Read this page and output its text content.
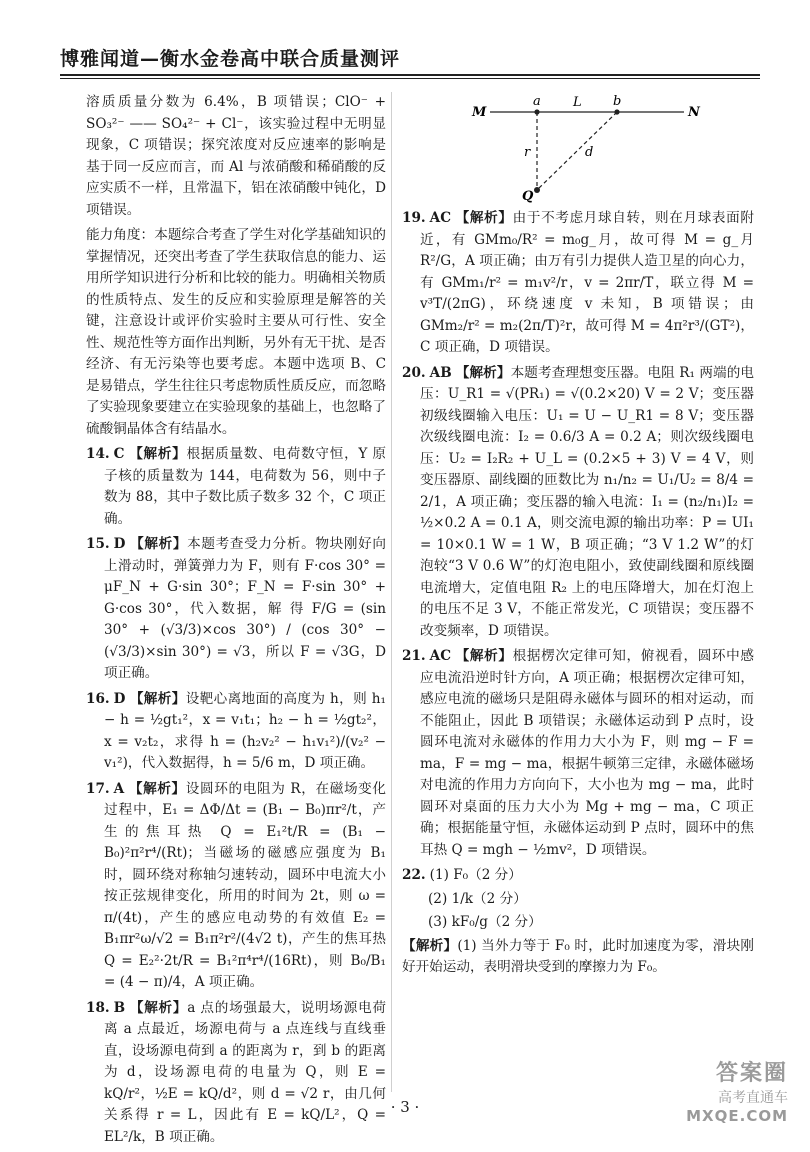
博雅闻道—衡水金卷高中联合质量测评

溶质质量分数为 6.4%，B 项错误；ClO⁻ + SO₃²⁻ —— SO₄²⁻ + Cl⁻，该实验过程中无明显现象，C 项错误；探究浓度对反应速率的影响是基于同一反应而言，而 Al 与浓硝酸和稀硝酸的反应实质不一样，且常温下，铝在浓硝酸中钝化，D 项错误。

能力角度：本题综合考查了学生对化学基础知识的掌握情况，还突出考查了学生获取信息的能力、运用所学知识进行分析和比较的能力。明确相关物质的性质特点、发生的反应和实验原理是解答的关键，注意设计或评价实验时主要从可行性、安全性、规范性等方面作出判断，另外有无干扰、是否经济、有无污染等也要考虑。本题中选项 B、C 是易错点，学生往往只考虑物质性质反应，而忽略了实验现象要建立在实验现象的基础上，也忽略了硫酸铜晶体含有结晶水。

14. C 【解析】根据质量数、电荷数守恒，Y 原子核的质量数为 144，电荷数为 56，则中子数为 88，其中子数比质子数多 32 个，C 项正确。

15. D 【解析】本题考查受力分析。物块刚好向上滑动时，弹簧弹力为 F，则有 F·cos 30° = μF_N + G·sin 30°；F_N = F·sin 30° + G·cos 30°，代入数据，解 得 F/G = (sin 30° + (√3/3)×cos 30°) / (cos 30° − (√3/3)×sin 30°) = √3，所以 F = √3G，D 项正确。

16. D 【解析】设靶心离地面的高度为 h，则 h₁ − h = ½gt₁²，x = v₁t₁；h₂ − h = ½gt₂²，x = v₂t₂，求得 h = (h₂v₂² − h₁v₁²)/(v₂² − v₁²)，代入数据得，h = 5/6 m，D 项正确。

17. A 【解析】设圆环的电阻为 R，在磁场变化过程中，E₁ = ΔΦ/Δt = (B₁ − B₀)πr²/t，产生的焦耳热 Q = E₁²t/R = (B₁ − B₀)²π²r⁴/(Rt)；当磁场的磁感应强度为 B₁ 时，圆环绕对称轴匀速转动，圆环中电流大小按正弦规律变化，所用的时间为 2t，则 ω = π/(4t)，产生的感应电动势的有效值 E₂ = B₁πr²ω/√2 = B₁π²r²/(4√2 t)，产生的焦耳热 Q = E₂²·2t/R = B₁²π⁴r⁴/(16Rt)，则 B₀/B₁ = (4 − π)/4，A 项正确。

18. B 【解析】a 点的场强最大，说明场源电荷离 a 点最近，场源电荷与 a 点连线与直线垂直，设场源电荷到 a 的距离为 r，到 b 的距离为 d，设场源电荷的电量为 Q，则 E = kQ/r²，½E = kQ/d²，则 d = √2 r，由几何关系得 r = L，因此有 E = kQ/L²，Q = EL²/k，B 项正确。

M	N
a	b
L
r	d
Q

19. AC 【解析】由于不考虑月球自转，则在月球表面附近，有 GMm₀/R² = m₀g_月，故可得 M = g_月R²/G，A 项正确；由万有引力提供人造卫星的向心力，有 GMm₁/r² = m₁v²/r，v = 2πr/T，联立得 M = v³T/(2πG)，环绕速度 v 未知，B 项错误；由 GMm₂/r² = m₂(2π/T)²r，故可得 M = 4π²r³/(GT²)，C 项正确，D 项错误。

20. AB 【解析】本题考查理想变压器。电阻 R₁ 两端的电压：U_R1 = √(PR₁) = √(0.2×20) V = 2 V；变压器初级线圈输入电压：U₁ = U − U_R1 = 8 V；变压器次级线圈电流：I₂ = 0.6/3 A = 0.2 A；则次级线圈电压：U₂ = I₂R₂ + U_L = (0.2×5 + 3) V = 4 V，则变压器原、副线圈的匝数比为 n₁/n₂ = U₁/U₂ = 8/4 = 2/1，A 项正确；变压器的输入电流：I₁ = (n₂/n₁)I₂ = ½×0.2 A = 0.1 A，则交流电源的输出功率：P = UI₁ = 10×0.1 W = 1 W，B 项正确；“3 V 1.2 W”的灯泡较“3 V 0.6 W”的灯泡电阻小，致使副线圈和原线圈电流增大，定值电阻 R₂ 上的电压降增大，加在灯泡上的电压不足 3 V，不能正常发光，C 项错误；变压器不改变频率，D 项错误。

21. AC 【解析】根据楞次定律可知，俯视看，圆环中感应电流沿逆时针方向，A 项正确；根据楞次定律可知，感应电流的磁场只是阻碍永磁体与圆环的相对运动，而不能阻止，因此 B 项错误；永磁体运动到 P 点时，设圆环电流对永磁体的作用力大小为 F，则 mg − F = ma，F = mg − ma，根据牛顿第三定律，永磁体磁场对电流的作用力方向向下，大小也为 mg − ma，此时圆环对桌面的压力大小为 Mg + mg − ma，C 项正确；根据能量守恒，永磁体运动到 P 点时，圆环中的焦耳热 Q = mgh − ½mv²，D 项错误。

22. (1) F₀（2 分）

(2) 1/k（2 分）

(3) kF₀/g（2 分）

【解析】(1) 当外力等于 F₀ 时，此时加速度为零，滑块刚好开始运动，表明滑块受到的摩擦力为 F₀。

· 3 ·
答案圈
高考直通车
MXQE.COM
